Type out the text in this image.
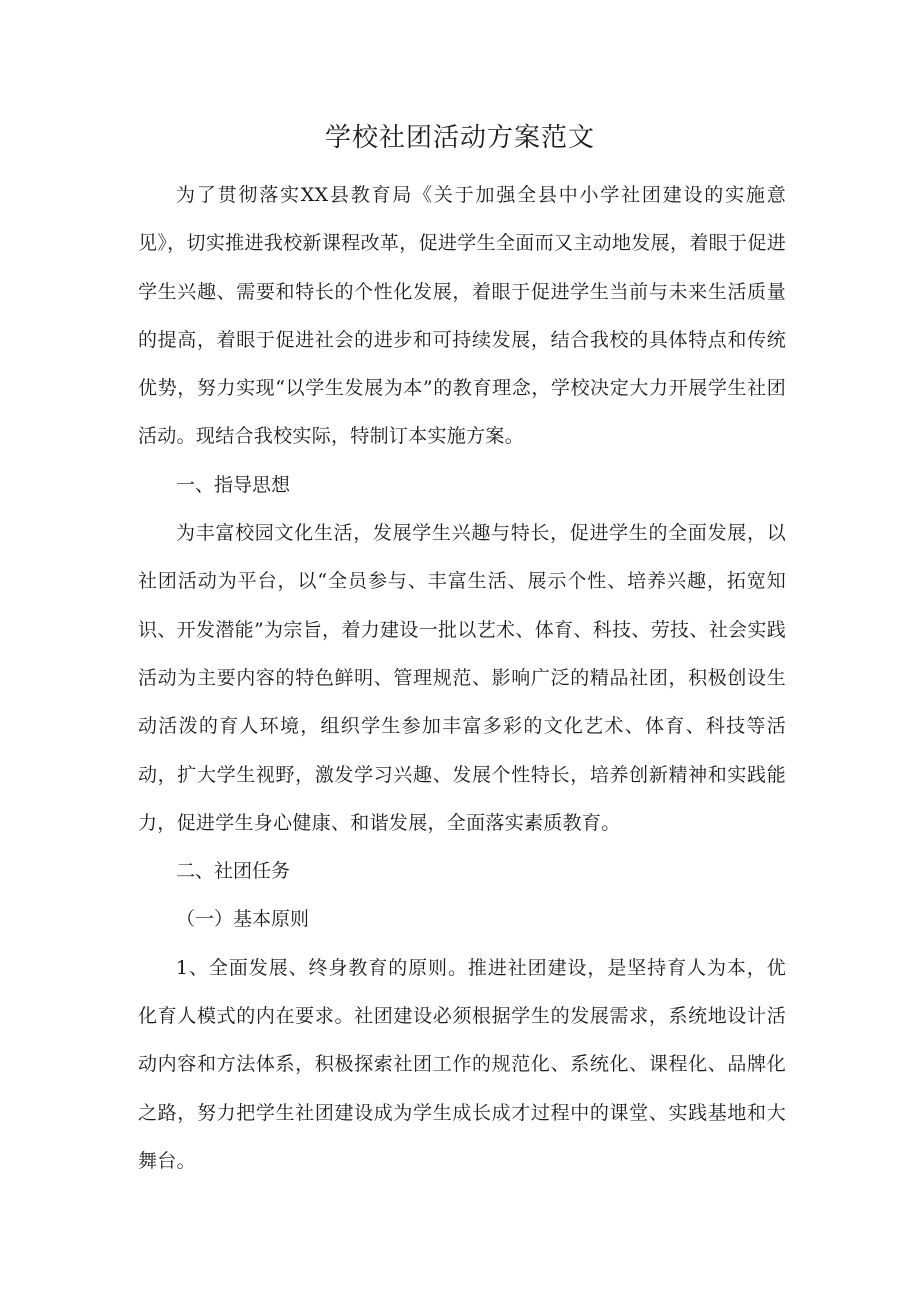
学校社团活动方案范文

为了贯彻落实XX县教育局《关于加强全县中小学社团建设的实施意见》，切实推进我校新课程改革，促进学生全面而又主动地发展，着眼于促进学生兴趣、需要和特长的个性化发展，着眼于促进学生当前与未来生活质量的提高，着眼于促进社会的进步和可持续发展，结合我校的具体特点和传统优势，努力实现“以学生发展为本”的教育理念，学校决定大力开展学生社团活动。现结合我校实际，特制订本实施方案。

一、指导思想

为丰富校园文化生活，发展学生兴趣与特长，促进学生的全面发展，以社团活动为平台，以“全员参与、丰富生活、展示个性、培养兴趣，拓宽知识、开发潜能”为宗旨，着力建设一批以艺术、体育、科技、劳技、社会实践活动为主要内容的特色鲜明、管理规范、影响广泛的精品社团，积极创设生动活泼的育人环境，组织学生参加丰富多彩的文化艺术、体育、科技等活动，扩大学生视野，激发学习兴趣、发展个性特长，培养创新精神和实践能力，促进学生身心健康、和谐发展，全面落实素质教育。

二、社团任务

（一）基本原则

1、全面发展、终身教育的原则。推进社团建设，是坚持育人为本，优化育人模式的内在要求。社团建设必须根据学生的发展需求，系统地设计活动内容和方法体系，积极探索社团工作的规范化、系统化、课程化、品牌化之路，努力把学生社团建设成为学生成长成才过程中的课堂、实践基地和大舞台。
